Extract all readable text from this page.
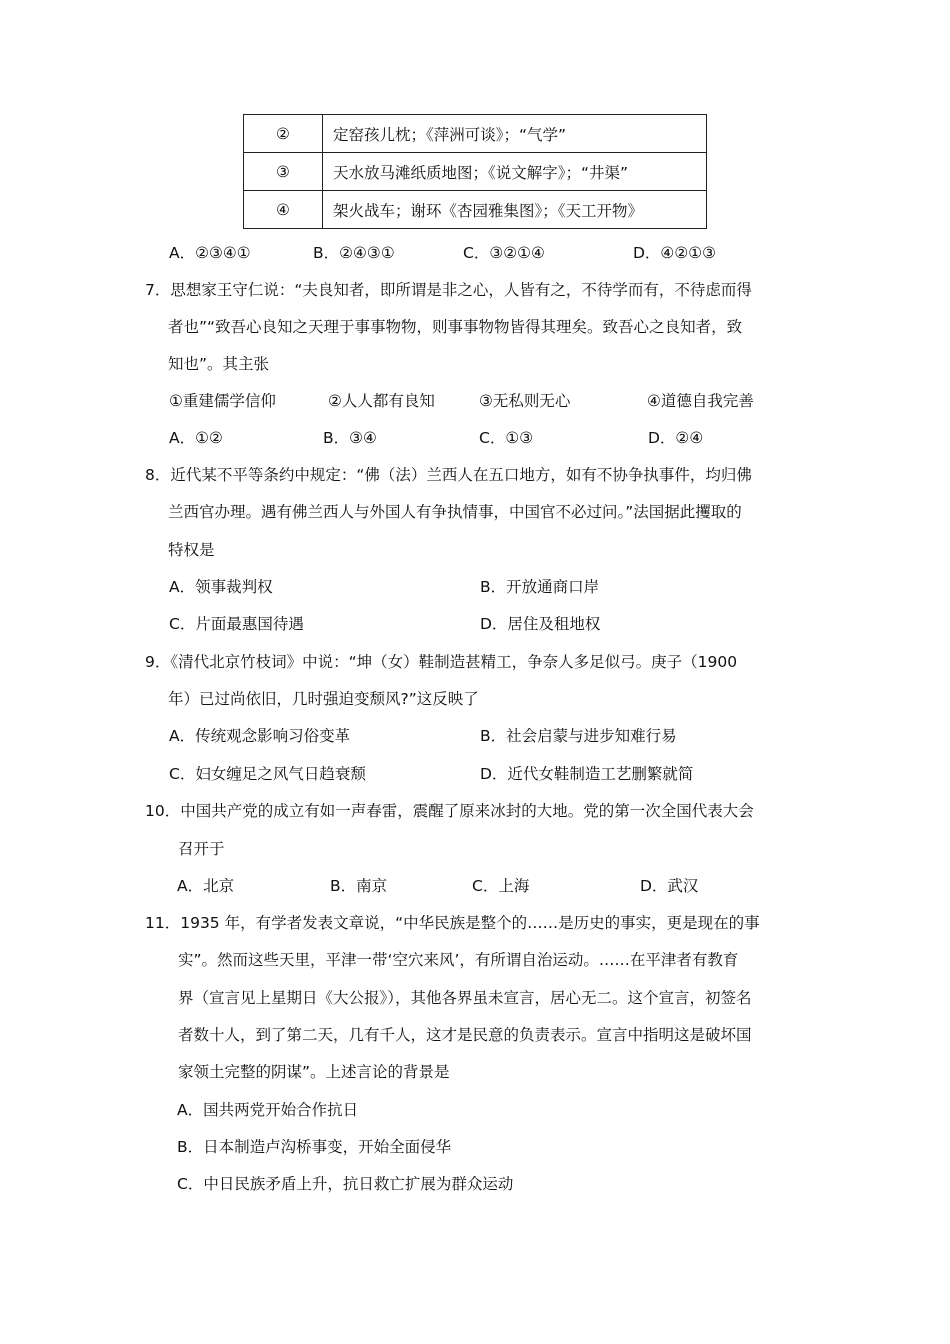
②	定窑孩儿枕；《萍洲可谈》；“气学”
③	天水放马滩纸质地图；《说文解字》；“井渠”
④	架火战车；谢环《杏园雅集图》；《天工开物》
A．②③④①	B．②④③①	C．③②①④	D．④②①③
7．思想家王守仁说：“夫良知者，即所谓是非之心，人皆有之，不待学而有，不待虑而得
者也”“致吾心良知之天理于事事物物，则事事物物皆得其理矣。致吾心之良知者，致
知也”。其主张
①重建儒学信仰	②人人都有良知	③无私则无心	④道德自我完善
A．①②	B．③④	C．①③	D．②④
8．近代某不平等条约中规定：“佛（法）兰西人在五口地方，如有不协争执事件，均归佛
兰西官办理。遇有佛兰西人与外国人有争执情事，中国官不必过问。”法国据此攫取的
特权是
A．领事裁判权	B．开放通商口岸
C．片面最惠国待遇	D．居住及租地权
9．《清代北京竹枝词》中说：“坤（女）鞋制造甚精工，争奈人多足似弓。庚子（1900
年）已过尚依旧，几时强迫变颓风?”这反映了
A．传统观念影响习俗变革	B．社会启蒙与进步知难行易
C．妇女缠足之风气日趋衰颓	D．近代女鞋制造工艺删繁就简
10．中国共产党的成立有如一声春雷，震醒了原来冰封的大地。党的第一次全国代表大会
召开于
A．北京	B．南京	C．上海	D．武汉
11．1935 年，有学者发表文章说，“中华民族是整个的……是历史的事实，更是现在的事
实”。然而这些天里，平津一带‘空穴来风’，有所谓自治运动。……在平津者有教育
界（宣言见上星期日《大公报》），其他各界虽未宣言，居心无二。这个宣言，初签名
者数十人，到了第二天，几有千人，这才是民意的负责表示。宣言中指明这是破坏国
家领土完整的阴谋”。上述言论的背景是
A．国共两党开始合作抗日
B．日本制造卢沟桥事变，开始全面侵华
C．中日民族矛盾上升，抗日救亡扩展为群众运动
